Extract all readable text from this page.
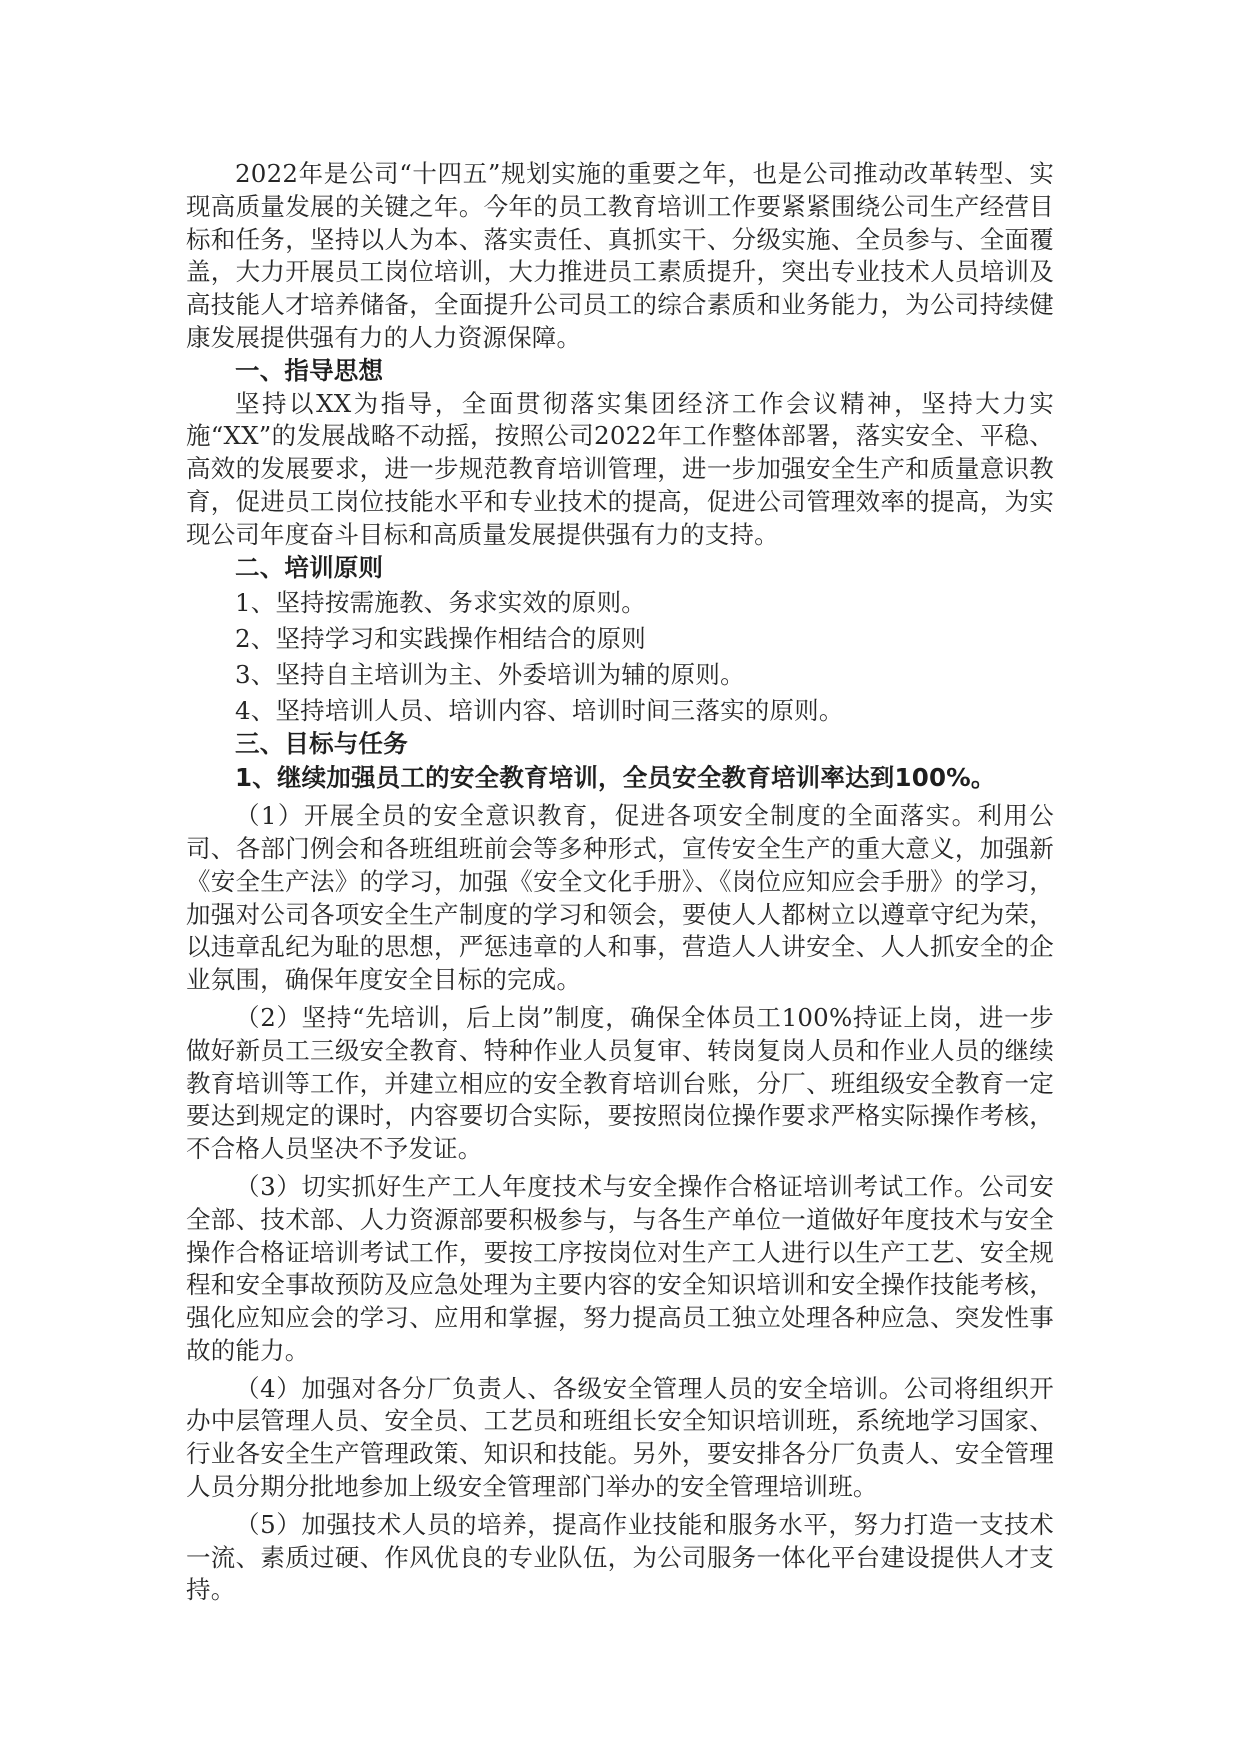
2022年是公司“十四五”规划实施的重要之年，也是公司推动改革转型、实现高质量发展的关键之年。今年的员工教育培训工作要紧紧围绕公司生产经营目标和任务，坚持以人为本、落实责任、真抓实干、分级实施、全员参与、全面覆盖，大力开展员工岗位培训，大力推进员工素质提升，突出专业技术人员培训及高技能人才培养储备，全面提升公司员工的综合素质和业务能力，为公司持续健康发展提供强有力的人力资源保障。

一、指导思想

坚持以XX为指导，全面贯彻落实集团经济工作会议精神，坚持大力实施“XX”的发展战略不动摇，按照公司2022年工作整体部署，落实安全、平稳、高效的发展要求，进一步规范教育培训管理，进一步加强安全生产和质量意识教育，促进员工岗位技能水平和专业技术的提高，促进公司管理效率的提高，为实现公司年度奋斗目标和高质量发展提供强有力的支持。

二、培训原则

1、坚持按需施教、务求实效的原则。

2、坚持学习和实践操作相结合的原则

3、坚持自主培训为主、外委培训为辅的原则。

4、坚持培训人员、培训内容、培训时间三落实的原则。

三、目标与任务

1、继续加强员工的安全教育培训，全员安全教育培训率达到100%。

（1）开展全员的安全意识教育，促进各项安全制度的全面落实。利用公司、各部门例会和各班组班前会等多种形式，宣传安全生产的重大意义，加强新《安全生产法》的学习，加强《安全文化手册》、《岗位应知应会手册》的学习，加强对公司各项安全生产制度的学习和领会，要使人人都树立以遵章守纪为荣，以违章乱纪为耻的思想，严惩违章的人和事，营造人人讲安全、人人抓安全的企业氛围，确保年度安全目标的完成。

（2）坚持“先培训，后上岗”制度，确保全体员工100%持证上岗，进一步做好新员工三级安全教育、特种作业人员复审、转岗复岗人员和作业人员的继续教育培训等工作，并建立相应的安全教育培训台账，分厂、班组级安全教育一定要达到规定的课时，内容要切合实际，要按照岗位操作要求严格实际操作考核，不合格人员坚决不予发证。

（3）切实抓好生产工人年度技术与安全操作合格证培训考试工作。公司安全部、技术部、人力资源部要积极参与，与各生产单位一道做好年度技术与安全操作合格证培训考试工作，要按工序按岗位对生产工人进行以生产工艺、安全规程和安全事故预防及应急处理为主要内容的安全知识培训和安全操作技能考核，强化应知应会的学习、应用和掌握，努力提高员工独立处理各种应急、突发性事故的能力。

（4）加强对各分厂负责人、各级安全管理人员的安全培训。公司将组织开办中层管理人员、安全员、工艺员和班组长安全知识培训班，系统地学习国家、行业各安全生产管理政策、知识和技能。另外，要安排各分厂负责人、安全管理人员分期分批地参加上级安全管理部门举办的安全管理培训班。

（5）加强技术人员的培养，提高作业技能和服务水平，努力打造一支技术一流、素质过硬、作风优良的专业队伍，为公司服务一体化平台建设提供人才支持。
